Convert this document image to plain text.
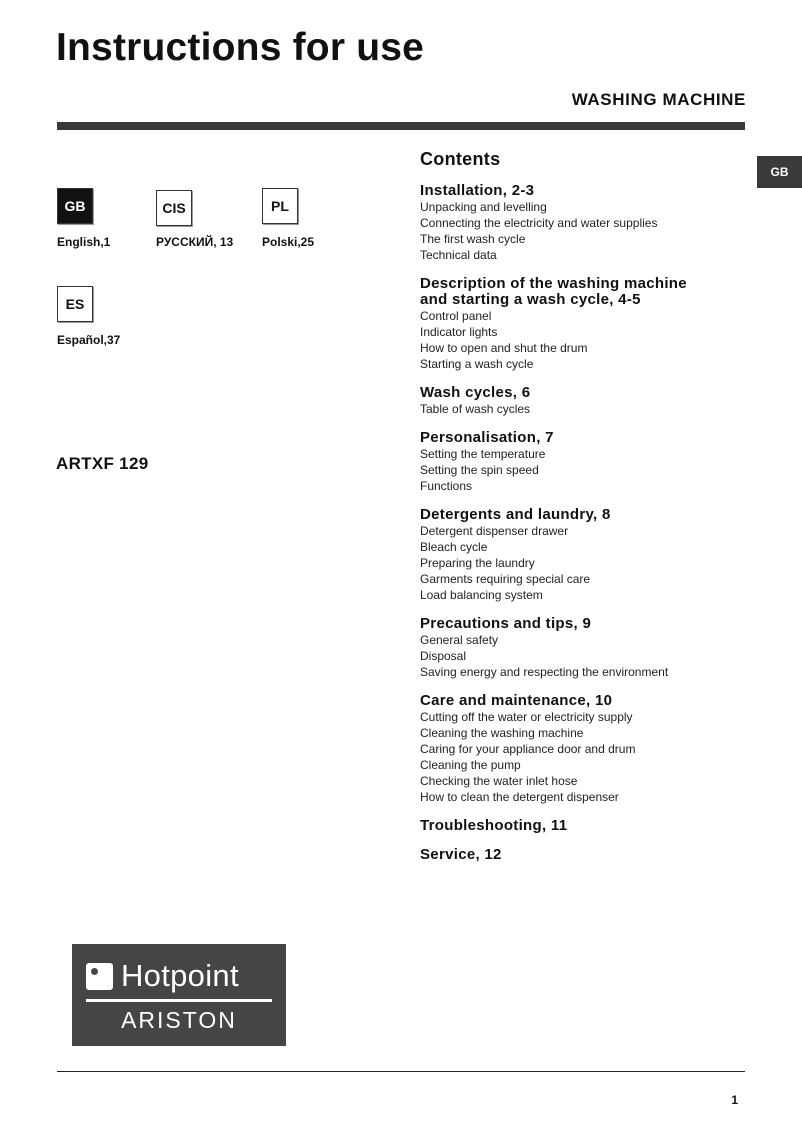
Instructions for use
WASHING MACHINE
GB
GB
English,1
CIS
РУССКИЙ, 13
PL
Polski,25
ES
Español,37
ARTXF 129
Contents
Installation, 2-3
Unpacking and levelling
Connecting the electricity and water supplies
The first wash cycle
Technical data
Description of the washing machine
and starting a wash cycle, 4-5
Control panel
Indicator lights
How to open and shut the drum
Starting a wash cycle
Wash cycles, 6
Table of wash cycles
Personalisation, 7
Setting the temperature
Setting the spin speed
Functions
Detergents and laundry, 8
Detergent dispenser drawer
Bleach cycle
Preparing the laundry
Garments requiring special care
Load balancing system
Precautions and tips, 9
General safety
Disposal
Saving energy and respecting the environment
Care and maintenance, 10
Cutting off the water or electricity supply
Cleaning the washing machine
Caring for your appliance door and drum
Cleaning the pump
Checking the water inlet hose
How to clean the detergent dispenser
Troubleshooting, 11
Service, 12
Hotpoint
ARISTON
1
